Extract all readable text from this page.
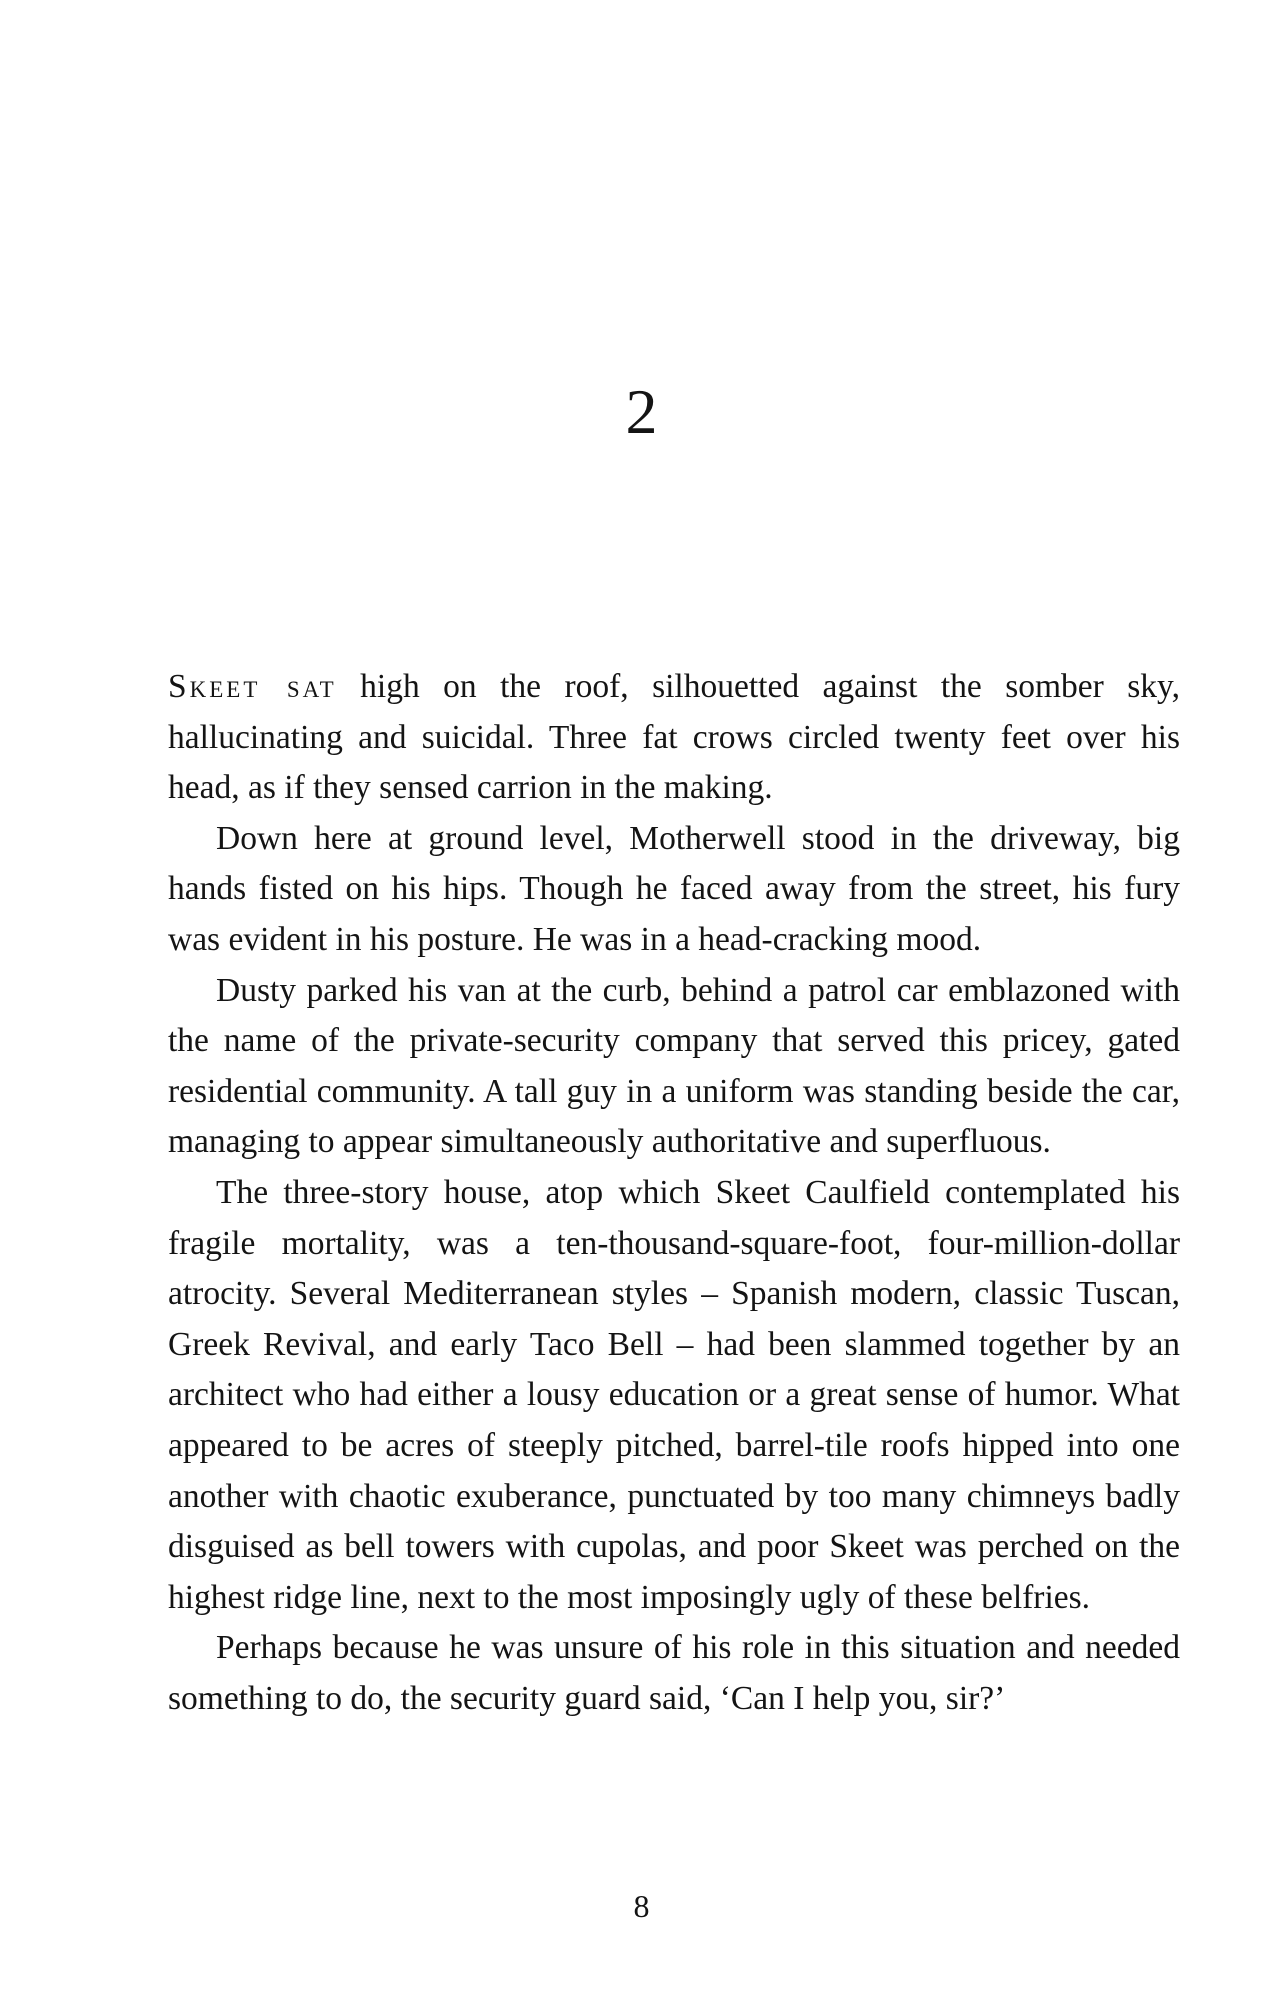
2

Skeet sat high on the roof, silhouetted against the somber sky, hallucinating and suicidal. Three fat crows circled twenty feet over his head, as if they sensed carrion in the making.

Down here at ground level, Motherwell stood in the driveway, big hands fisted on his hips. Though he faced away from the street, his fury was evident in his posture. He was in a head-cracking mood.

Dusty parked his van at the curb, behind a patrol car emblazoned with the name of the private-security company that served this pricey, gated residential community. A tall guy in a uniform was standing beside the car, managing to appear simultaneously authoritative and superfluous.

The three-story house, atop which Skeet Caulfield contemplated his fragile mortality, was a ten-thousand-square-foot, four-million-dollar atrocity. Several Mediterranean styles – Spanish modern, classic Tuscan, Greek Revival, and early Taco Bell – had been slammed together by an architect who had either a lousy education or a great sense of humor. What appeared to be acres of steeply pitched, barrel-tile roofs hipped into one another with chaotic exuberance, punctuated by too many chimneys badly disguised as bell towers with cupolas, and poor Skeet was perched on the highest ridge line, next to the most imposingly ugly of these belfries.

Perhaps because he was unsure of his role in this situation and needed something to do, the security guard said, ‘Can I help you, sir?’

8
